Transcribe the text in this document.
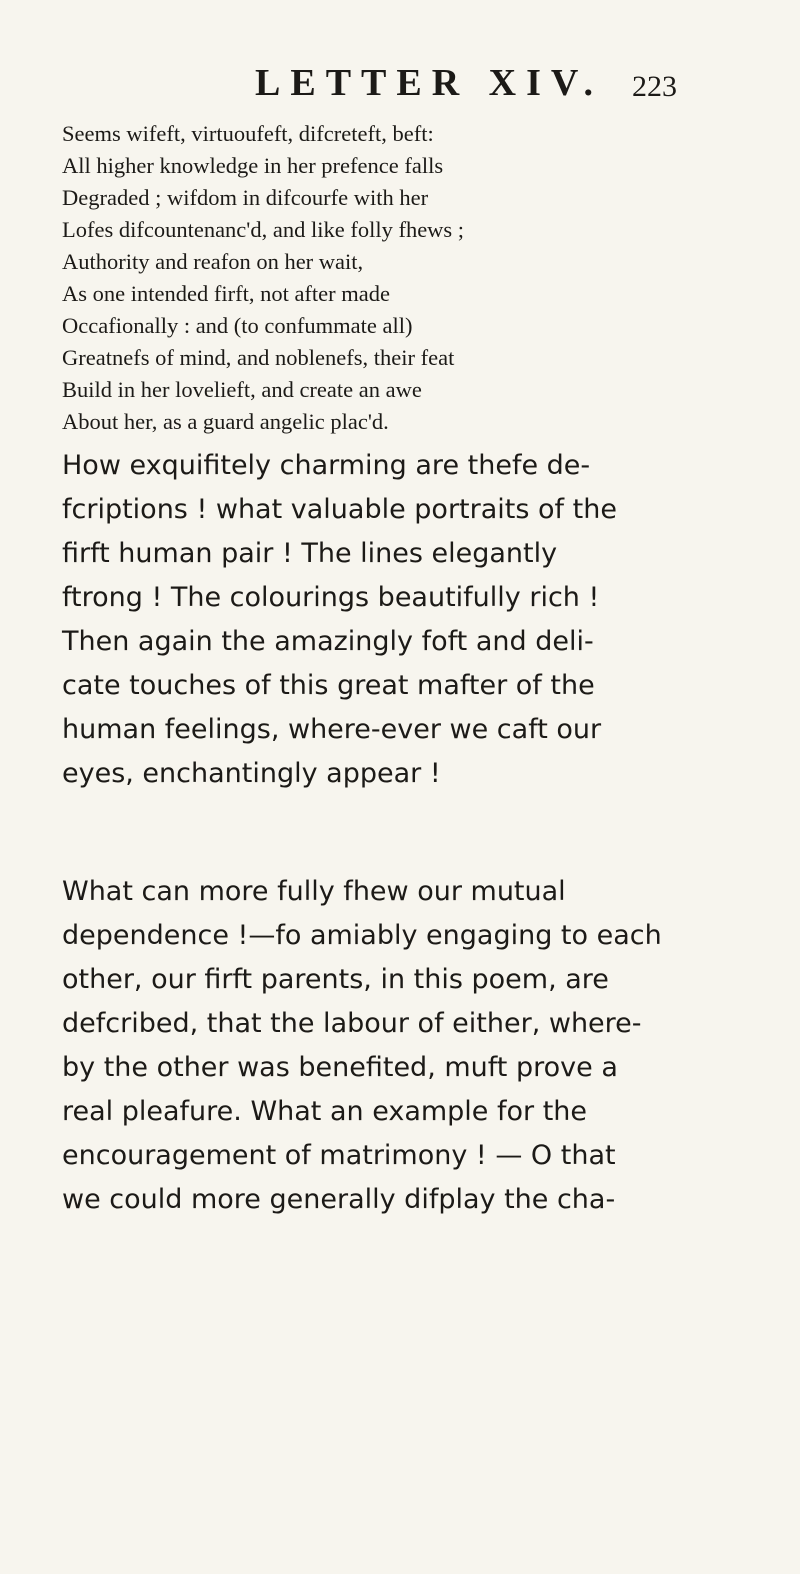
LETTER XIV. 223
Seems wifeft, virtuoufeft, difcreteft, beft:
All higher knowledge in her prefence falls
Degraded ; wifdom in difcourfe with her
Lofes difcountenanc'd, and like folly fhews ;
Authority and reafon on her wait,
As one intended firft, not after made
Occafionally : and (to confummate all)
Greatnefs of mind, and noblenefs, their feat
Build in her loveliеft, and create an awe
About her, as a guard angelic plac'd.
How exquifitely charming are thefe de-
fcriptions ! what valuable portraits of the
firft human pair ! The lines elegantly
ftrong ! The colourings beautifully rich !
Then again the amazingly foft and deli-
cate touches of this great mafter of the
human feelings, where-ever we caft our
eyes, enchantingly appear !
What can more fully fhew our mutual
dependence !—fo amiably engaging to each
other, our firft parents, in this poem, are
defcribed, that the labour of either, where-
by the other was benefited, muft prove a
real pleafure. What an example for the
encouragement of matrimony ! — O that
we could more generally difplay the cha-
